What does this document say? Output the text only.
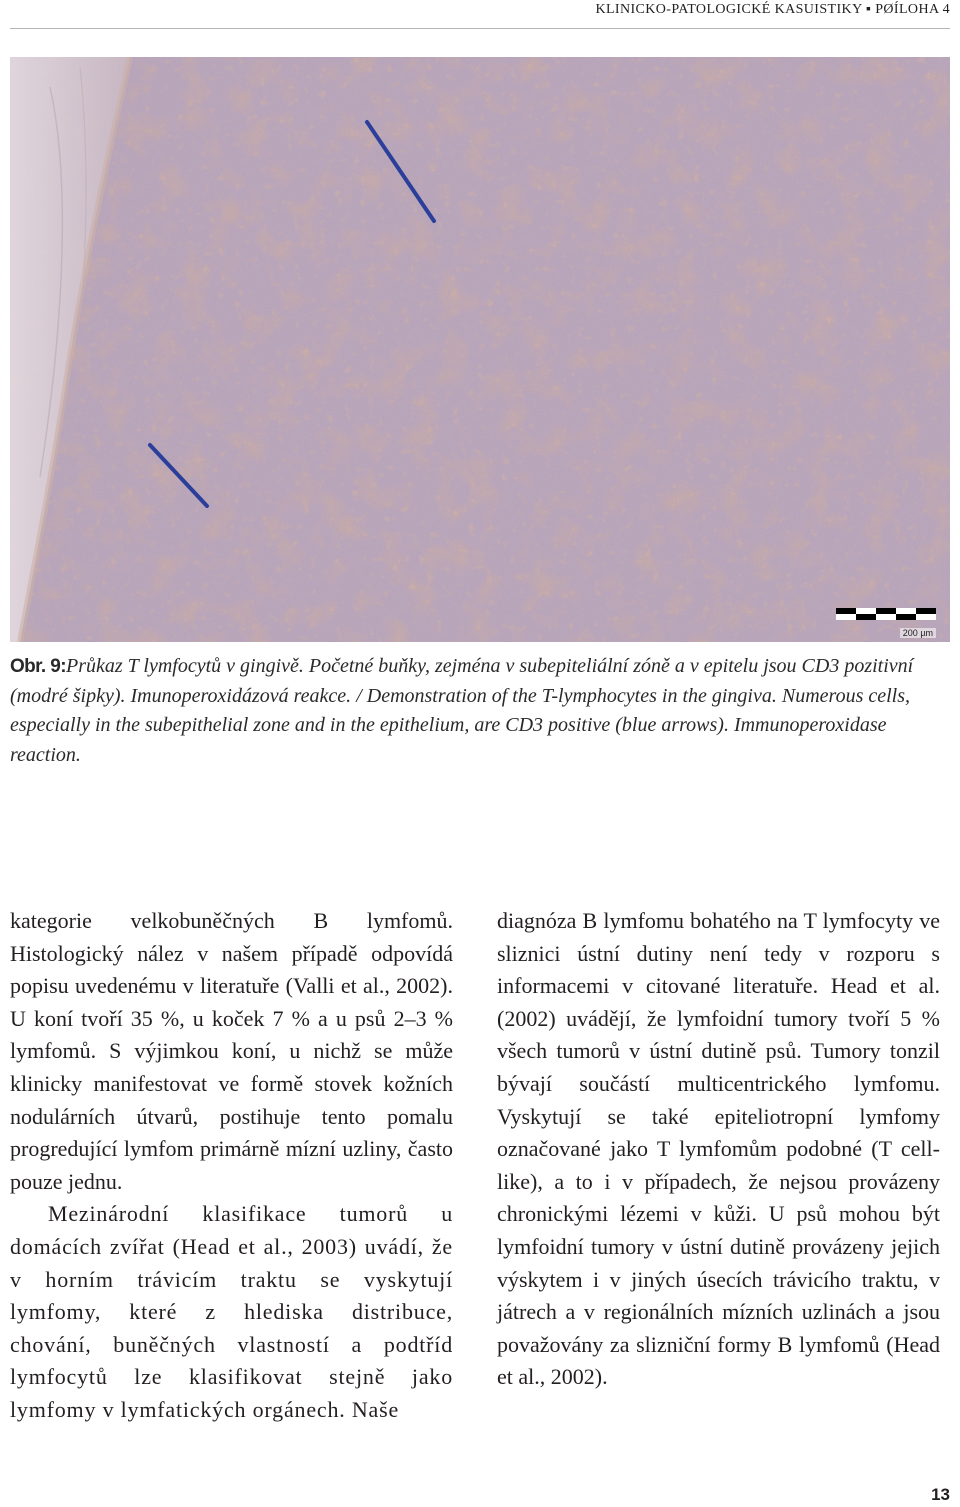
KLINICKO-PATOLOGICKÉ KASUISTIKY ▪ PØÍLOHA 4
200 µm
Obr. 9:Průkaz T lymfocytů v gingivě. Početné buňky, zejména v subepiteliální zóně a v epitelu jsou CD3 pozitivní (modré šipky). Imunoperoxidázová reakce. / Demonstration of the T-lymphocytes in the gingiva. Numerous cells, especially in the subepithelial zone and in the epithelium, are CD3 positive (blue arrows). Immunoperoxidase reaction.

kategorie velkobuněčných B lymfomů. Histologický nález v našem případě odpovídá popisu uvedenému v literatuře (Valli et al., 2002). U koní tvoří 35 %, u koček 7 % a u psů 2–3 % lymfomů. S výjimkou koní, u nichž se může klinicky manifestovat ve formě stovek kožních nodulárních útvarů, postihuje tento pomalu progredující lymfom primárně mízní uzliny, často pouze jednu.

Mezinárodní klasifikace tumorů u domácích zvířat (Head et al., 2003) uvádí, že v horním trávicím traktu se vyskytují lymfomy, které z hlediska distribuce, chování, buněčných vlastností a podtříd lymfocytů lze klasifikovat stejně jako lymfomy v lymfatických orgánech. Naše

diagnóza B lymfomu bohatého na T lymfocyty ve sliznici ústní dutiny není tedy v rozporu s informacemi v citované literatuře. Head et al. (2002) uvádějí, že lymfoidní tumory tvoří 5 % všech tumorů v ústní dutině psů. Tumory tonzil bývají součástí multicentrického lymfomu. Vyskytují se také epiteliotropní lymfomy označované jako T lymfomům podobné (T cell-like), a to i v případech, že nejsou provázeny chronickými lézemi v kůži. U psů mohou být lymfoidní tumory v ústní dutině provázeny jejich výskytem i v jiných úsecích trávicího traktu, v játrech a v regionálních mízních uzlinách a jsou považovány za slizniční formy B lymfomů (Head et al., 2002).

13
